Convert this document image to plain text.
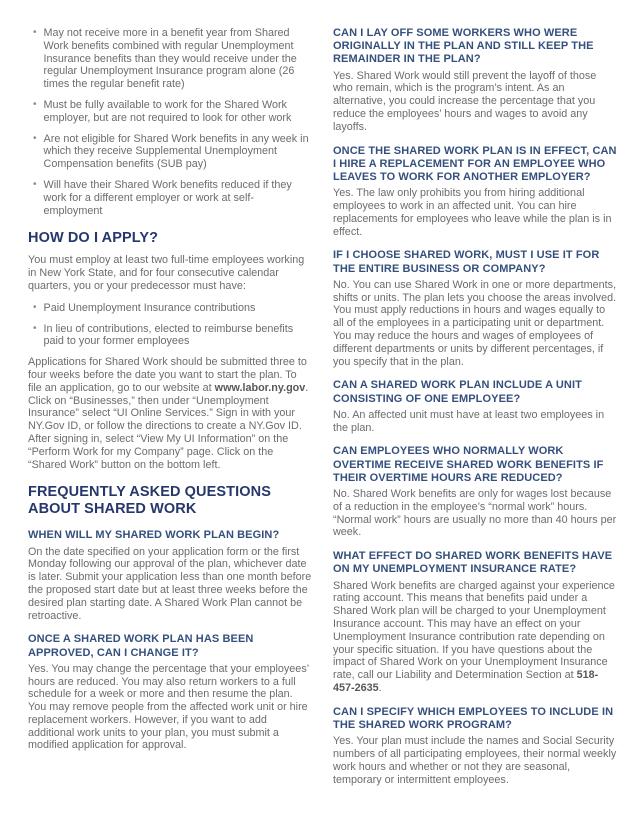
• May not receive more in a benefit year from Shared Work benefits combined with regular Unemployment Insurance benefits than they would receive under the regular Unemployment Insurance program alone (26 times the regular benefit rate)
• Must be fully available to work for the Shared Work employer, but are not required to look for other work
• Are not eligible for Shared Work benefits in any week in which they receive Supplemental Unemployment Compensation benefits (SUB pay)
• Will have their Shared Work benefits reduced if they work for a different employer or work at self-employment
HOW DO I APPLY?

You must employ at least two full-time employees working in New York State, and for four consecutive calendar quarters, you or your predecessor must have:

• Paid Unemployment Insurance contributions
• In lieu of contributions, elected to reimburse benefits paid to your former employees

Applications for Shared Work should be submitted three to four weeks before the date you want to start the plan. To file an application, go to our website at www.labor.ny.gov. Click on “Businesses,” then under “Unemployment Insurance” select “UI Online Services.” Sign in with your NY.Gov ID, or follow the directions to create a NY.Gov ID. After signing in, select “View My UI Information” on the “Perform Work for my Company” page. Click on the “Shared Work” button on the bottom left.

FREQUENTLY ASKED QUESTIONS ABOUT SHARED WORK
WHEN WILL MY SHARED WORK PLAN BEGIN?

On the date specified on your application form or the first Monday following our approval of the plan, whichever date is later. Submit your application less than one month before the proposed start date but at least three weeks before the desired plan starting date. A Shared Work Plan cannot be retroactive.

ONCE A SHARED WORK PLAN HAS BEEN APPROVED, CAN I CHANGE IT?

Yes. You may change the percentage that your employees’ hours are reduced. You may also return workers to a full schedule for a week or more and then resume the plan. You may remove people from the affected work unit or hire replacement workers. However, if you want to add additional work units to your plan, you must submit a modified application for approval.

CAN I LAY OFF SOME WORKERS WHO WERE ORIGINALLY IN THE PLAN AND STILL KEEP THE REMAINDER IN THE PLAN?

Yes. Shared Work would still prevent the layoff of those who remain, which is the program’s intent. As an alternative, you could increase the percentage that you reduce the employees’ hours and wages to avoid any layoffs.

ONCE THE SHARED WORK PLAN IS IN EFFECT, CAN I HIRE A REPLACEMENT FOR AN EMPLOYEE WHO LEAVES TO WORK FOR ANOTHER EMPLOYER?

Yes. The law only prohibits you from hiring additional employees to work in an affected unit. You can hire replacements for employees who leave while the plan is in effect.

IF I CHOOSE SHARED WORK, MUST I USE IT FOR THE ENTIRE BUSINESS OR COMPANY?

No. You can use Shared Work in one or more departments, shifts or units. The plan lets you choose the areas involved. You must apply reductions in hours and wages equally to all of the employees in a participating unit or department. You may reduce the hours and wages of employees of different departments or units by different percentages, if you specify that in the plan.

CAN A SHARED WORK PLAN INCLUDE A UNIT CONSISTING OF ONE EMPLOYEE?

No. An affected unit must have at least two employees in the plan.

CAN EMPLOYEES WHO NORMALLY WORK OVERTIME RECEIVE SHARED WORK BENEFITS IF THEIR OVERTIME HOURS ARE REDUCED?

No. Shared Work benefits are only for wages lost because of a reduction in the employee’s “normal work” hours. “Normal work” hours are usually no more than 40 hours per week.

WHAT EFFECT DO SHARED WORK BENEFITS HAVE ON MY UNEMPLOYMENT INSURANCE RATE?

Shared Work benefits are charged against your experience rating account. This means that benefits paid under a Shared Work plan will be charged to your Unemployment Insurance account. This may have an effect on your Unemployment Insurance contribution rate depending on your specific situation. If you have questions about the impact of Shared Work on your Unemployment Insurance rate, call our Liability and Determination Section at 518-457-2635.

CAN I SPECIFY WHICH EMPLOYEES TO INCLUDE IN THE SHARED WORK PROGRAM?

Yes. Your plan must include the names and Social Security numbers of all participating employees, their normal weekly work hours and whether or not they are seasonal, temporary or intermittent employees.
